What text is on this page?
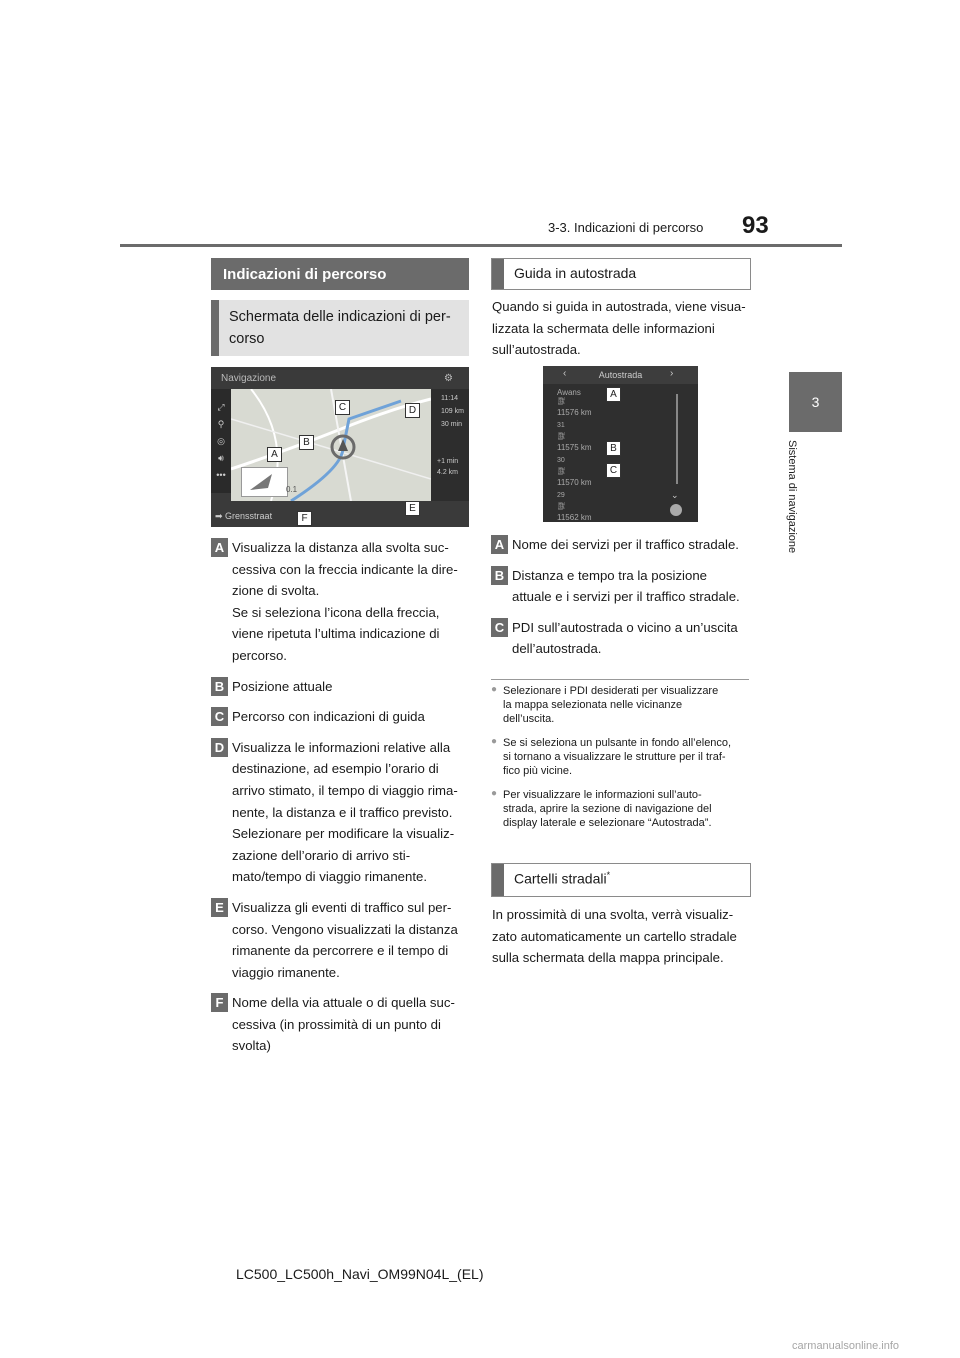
3-3. Indicazioni di percorso 93
3
Sistema di navigazione
Indicazioni di percorso
Schermata delle indicazioni di per-
corso
Navigazione	⚙
⤢
⚲
◎
🔊︎
•••
0.1
11:14
109 km
30 min
+1 min
4.2 km
➡ Grensstraat
A
B
C	D
E
F
A Visualizza la distanza alla svolta suc-
cessiva con la freccia indicante la dire-
zione di svolta.
Se si seleziona l’icona della freccia,
viene ripetuta l’ultima indicazione di
percorso.
B Posizione attuale
C Percorso con indicazioni di guida
D Visualizza le informazioni relative alla
destinazione, ad esempio l’orario di
arrivo stimato, il tempo di viaggio rima-
nente, la distanza e il traffico previsto.
Selezionare per modificare la visualiz-
zazione dell’orario di arrivo sti-
mato/tempo di viaggio rimanente.
E Visualizza gli eventi di traffico sul per-
corso. Vengono visualizzati la distanza
rimanente da percorrere e il tempo di
viaggio rimanente.
F Nome della via attuale o di quella suc-
cessiva (in prossimità di un punto di
svolta)
Guida in autostrada
Quando si guida in autostrada, viene visua-
lizzata la schermata delle informazioni
sull’autostrada.
Autostrada
‹	›
Awans
⛽︎
11576 km
31
⛽︎
11575 km
30
⛽︎
11570 km
29
⛽︎
11562 km
⌄
A
B
C
A Nome dei servizi per il traffico stradale.
B Distanza e tempo tra la posizione
attuale e i servizi per il traffico stradale.
C PDI sull’autostrada o vicino a un’uscita
dell’autostrada.
● Selezionare i PDI desiderati per visualizzare
la mappa selezionata nelle vicinanze
dell’uscita.
● Se si seleziona un pulsante in fondo all’elenco,
si tornano a visualizzare le strutture per il traf-
fico più vicine.
● Per visualizzare le informazioni sull’auto-
strada, aprire la sezione di navigazione del
display laterale e selezionare “Autostrada”.
Cartelli stradali*
In prossimità di una svolta, verrà visualiz-
zato automaticamente un cartello stradale
sulla schermata della mappa principale.
LC500_LC500h_Navi_OM99N04L_(EL)
carmanualsonline.info
